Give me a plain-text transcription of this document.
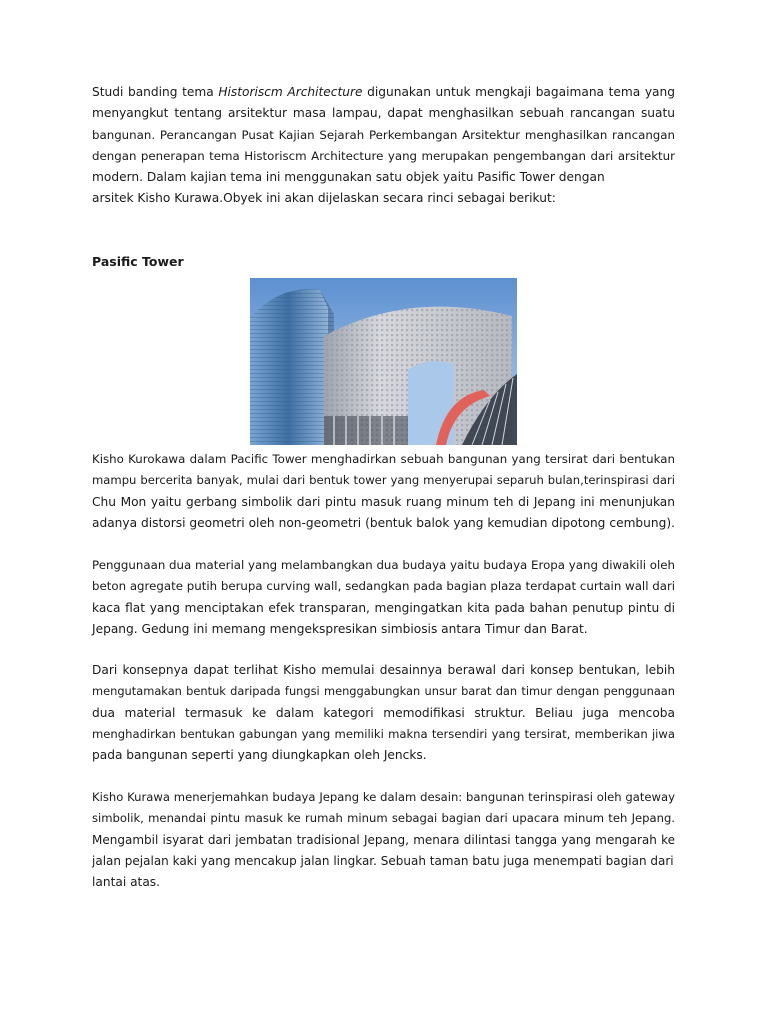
Studi banding tema Historiscm Architecture digunakan untuk mengkaji bagaimana tema yang
menyangkut tentang arsitektur masa lampau, dapat menghasilkan sebuah rancangan suatu
bangunan. Perancangan Pusat Kajian Sejarah Perkembangan Arsitektur menghasilkan rancangan
dengan penerapan tema Historiscm Architecture yang merupakan pengembangan dari arsitektur
modern. Dalam kajian tema ini menggunakan satu objek yaitu Pasific Tower dengan
arsitek Kisho Kurawa.Obyek ini akan dijelaskan secara rinci sebagai berikut:
Pasific Tower
Kisho Kurokawa dalam Pacific Tower menghadirkan sebuah bangunan yang tersirat dari bentukan
mampu bercerita banyak, mulai dari bentuk tower yang menyerupai separuh bulan,terinspirasi dari
Chu Mon yaitu gerbang simbolik dari pintu masuk ruang minum teh di Jepang ini menunjukan
adanya distorsi geometri oleh non-geometri (bentuk balok yang kemudian dipotong cembung).
Penggunaan dua material yang melambangkan dua budaya yaitu budaya Eropa yang diwakili oleh
beton agregate putih berupa curving wall, sedangkan pada bagian plaza terdapat curtain wall dari
kaca flat yang menciptakan efek transparan, mengingatkan kita pada bahan penutup pintu di
Jepang. Gedung ini memang mengekspresikan simbiosis antara Timur dan Barat.
Dari konsepnya dapat terlihat Kisho memulai desainnya berawal dari konsep bentukan, lebih
mengutamakan bentuk daripada fungsi menggabungkan unsur barat dan timur dengan penggunaan
dua material termasuk ke dalam kategori memodifikasi struktur. Beliau juga mencoba
menghadirkan bentukan gabungan yang memiliki makna tersendiri yang tersirat, memberikan jiwa
pada bangunan seperti yang diungkapkan oleh Jencks.
Kisho Kurawa menerjemahkan budaya Jepang ke dalam desain: bangunan terinspirasi oleh gateway
simbolik, menandai pintu masuk ke rumah minum sebagai bagian dari upacara minum teh Jepang.
Mengambil isyarat dari jembatan tradisional Jepang, menara dilintasi tangga yang mengarah ke
jalan pejalan kaki yang mencakup jalan lingkar. Sebuah taman batu juga menempati bagian dari
lantai atas.
